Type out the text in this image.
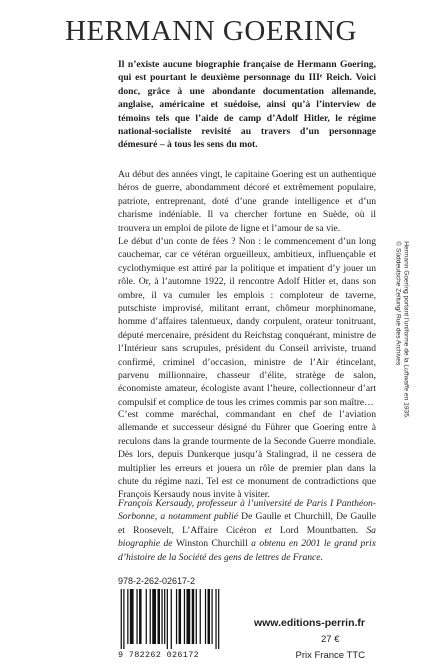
HERMANN GOERING

Il n’existe aucune biographie française de Hermann Goering, qui est pourtant le deuxième personnage du IIIᵉ Reich. Voici donc, grâce à une abondante documentation allemande, anglaise, américaine et suédoise, ainsi qu’à l’interview de témoins tels que l’aide de camp d’Adolf Hitler, le régime national-socialiste revisité au travers d’un personnage démesuré – à tous les sens du mot.

Au début des années vingt, le capitaine Goering est un authentique héros de guerre, abondamment décoré et extrêmement populaire, patriote, entreprenant, doté d’une grande intelligence et d’un charisme indéniable. Il va chercher fortune en Suède, où il trouvera un emploi de pilote de ligne et l’amour de sa vie.

Le début d’un conte de fées ? Non : le commencement d’un long cauchemar, car ce vétéran orgueilleux, ambitieux, influençable et cyclothymique est attiré par la politique et impatient d’y jouer un rôle. Or, à l’automne 1922, il rencontre Adolf Hitler et, dans son ombre, il va cumuler les emplois : comploteur de taverne, putschiste improvisé, militant errant, chômeur morphinomane, homme d’affaires talentueux, dandy corpulent, orateur tonitruant, député mercenaire, président du Reichstag conquérant, ministre de l’Intérieur sans scrupules, président du Conseil arriviste, truand confirmé, criminel d’occasion, ministre de l’Air étincelant, parvenu millionnaire, chasseur d’élite, stratège de salon, économiste amateur, écologiste avant l’heure, collectionneur d’art compulsif et complice de tous les crimes commis par son maître…

C’est comme maréchal, commandant en chef de l’aviation allemande et successeur désigné du Führer que Goering entre à reculons dans la grande tourmente de la Seconde Guerre mondiale. Dès lors, depuis Dunkerque jusqu’à Stalingrad, il ne cessera de multiplier les erreurs et jouera un rôle de premier plan dans la chute du régime nazi. Tel est ce monument de contradictions que François Kersaudy nous invite à visiter.

François Kersaudy, professeur à l’université de Paris I Panthéon-Sorbonne, a notamment publié De Gaulle et Churchill, De Gaulle et Roosevelt, L’Affaire Cicéron et Lord Mountbatten. Sa biographie de Winston Churchill a obtenu en 2001 le grand prix d’histoire de la Société des gens de lettres de France.

978-2-262-02617-2
9 782262 026172
www.editions-perrin.fr
27 €
Prix France TTC
Hermann Goering portant l’uniforme de la Luftwaffe en 1935.
© Süddeutsche Zeitung/ Rue des Archives
